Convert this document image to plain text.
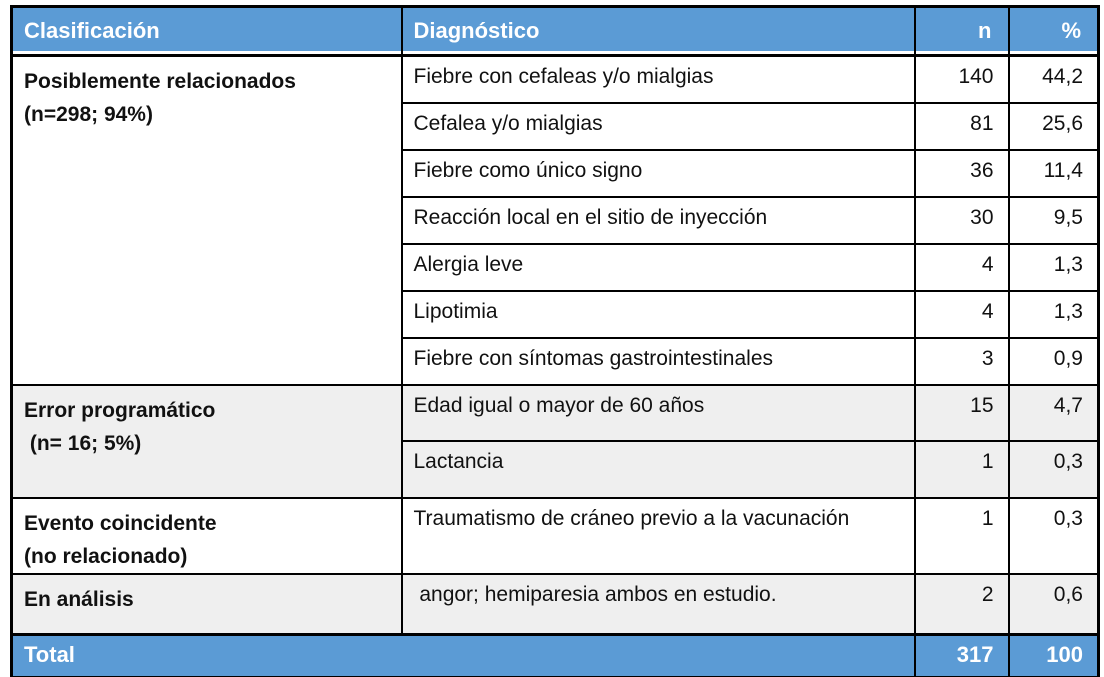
Clasificación	Diagnóstico	n	%

Posiblemente relacionados
(n=298; 94%)	Fiebre con cefaleas y/o mialgias	140	44,2
	Cefalea y/o mialgias	81	25,6
	Fiebre como único signo	36	11,4
	Reacción local en el sitio de inyección	30	9,5
	Alergia leve	4	1,3
	Lipotimia	4	1,3
	Fiebre con síntomas gastrointestinales	3	0,9

Error programático
(n= 16; 5%)	Edad igual o mayor de 60 años	15	4,7
	Lactancia	1	0,3

Evento coincidente
(no relacionado)	Traumatismo de cráneo previo a la vacunación	1	0,3

En análisis	angor; hemiparesia ambos en estudio.	2	0,6
Total		317	100
